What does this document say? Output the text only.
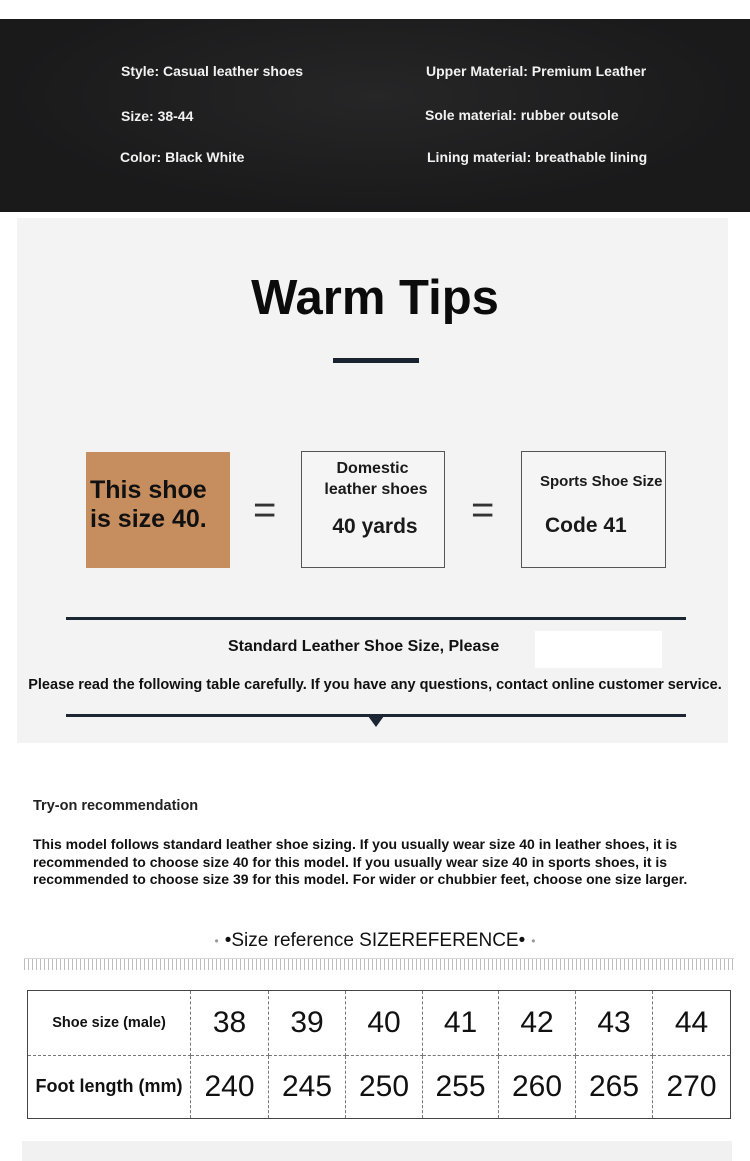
Style: Casual leather shoes	Upper Material: Premium Leather
Size: 38-44	Sole material: rubber outsole
Color: Black White	Lining material: breathable lining
Warm Tips
This shoe is size 40.	=
Domestic
leather shoes
40 yards	=
Sports Shoe Size
Code 41
Standard Leather Shoe Size, Please
Please read the following table carefully. If you have any questions, contact online customer service.
Try-on recommendation
This model follows standard leather shoe sizing. If you usually wear size 40 in leather shoes, it is recommended to choose size 40 for this model. If you usually wear size 40 in sports shoes, it is recommended to choose size 39 for this model. For wider or chubbier feet, choose one size larger.
• •Size reference SIZEREFERENCE• •
Shoe size (male)	38	39	40	41	42	43	44
Foot length (mm)	240	245	250	255	260	265	270
